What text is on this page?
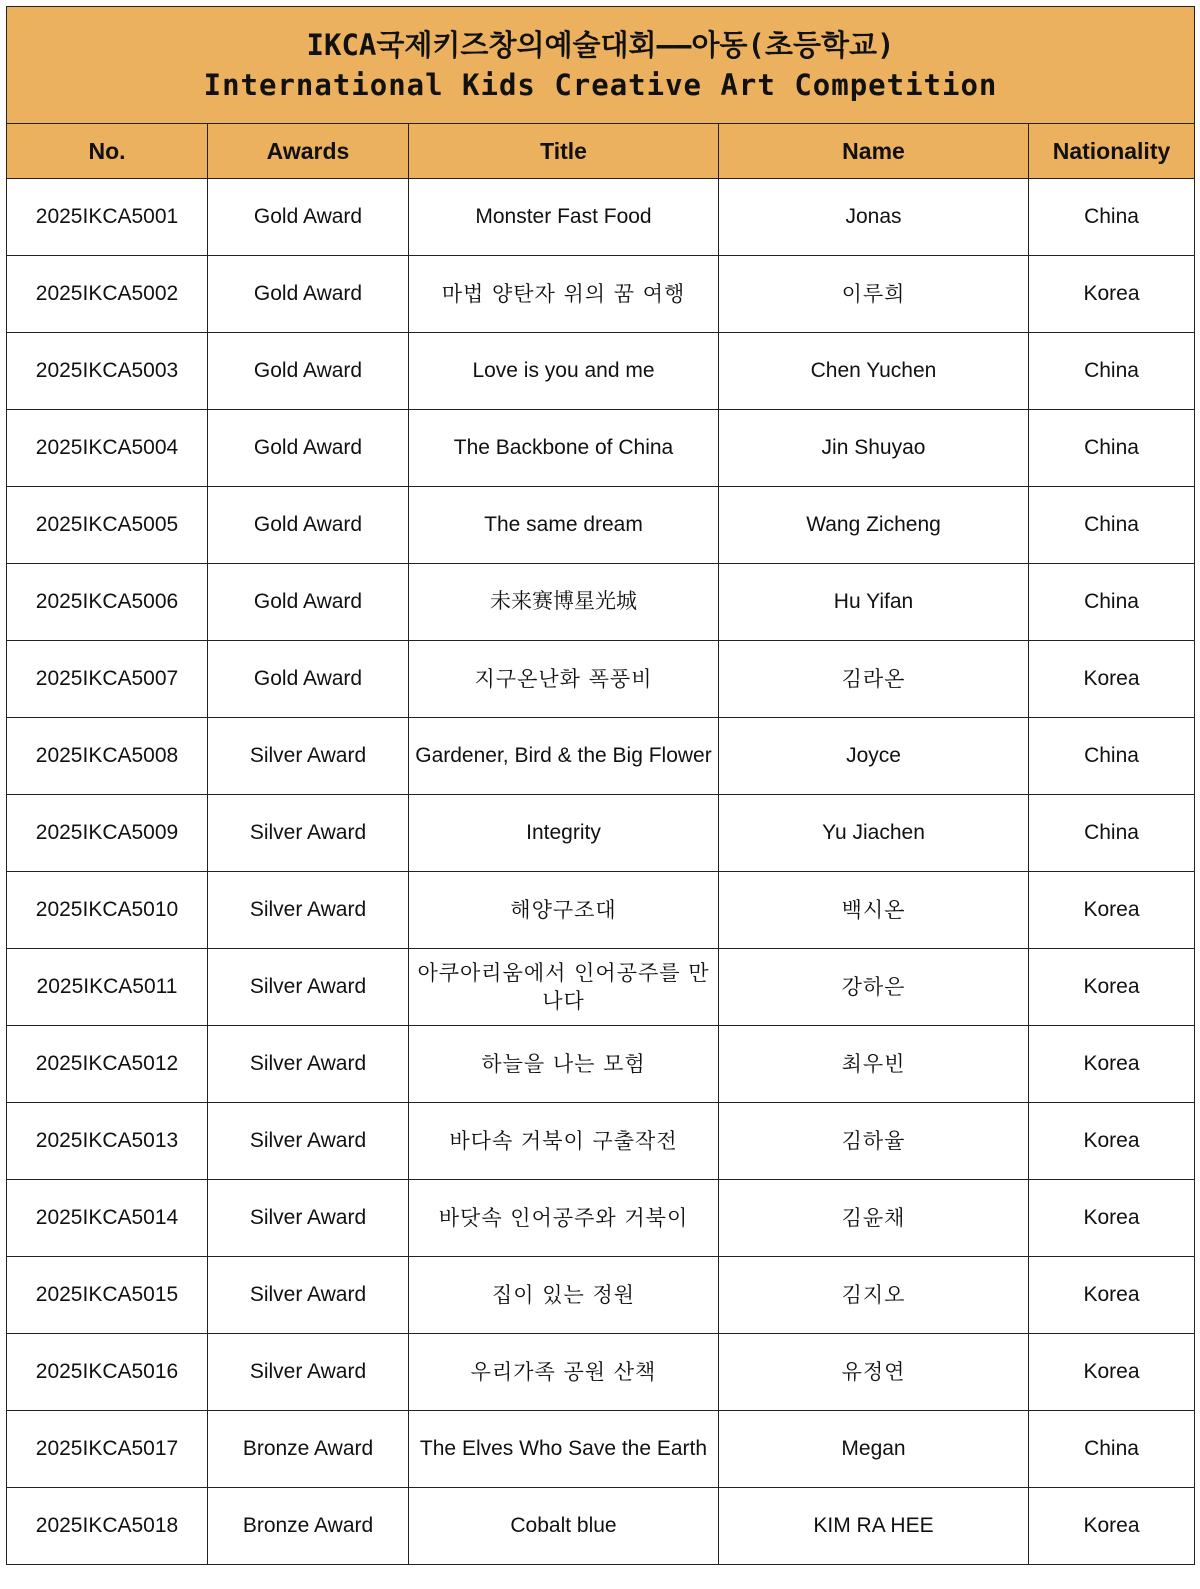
IKCA국제키즈창의예술대회——아동(초등학교)
International Kids Creative Art Competition				

No.	Awards	Title	Name	Nationality
2025IKCA5001	Gold Award	Monster Fast Food	Jonas	China
2025IKCA5002	Gold Award	마법 양탄자 위의 꿈 여행	이루희	Korea
2025IKCA5003	Gold Award	Love is you and me	Chen Yuchen	China
2025IKCA5004	Gold Award	The Backbone of China	Jin Shuyao	China
2025IKCA5005	Gold Award	The same dream	Wang Zicheng	China
2025IKCA5006	Gold Award	未来赛博星光城	Hu Yifan	China
2025IKCA5007	Gold Award	지구온난화 폭풍비	김라온	Korea
2025IKCA5008	Silver Award	Gardener, Bird & the Big Flower	Joyce	China
2025IKCA5009	Silver Award	Integrity	Yu Jiachen	China
2025IKCA5010	Silver Award	해양구조대	백시온	Korea
2025IKCA5011	Silver Award	아쿠아리움에서 인어공주를 만나다	강하은	Korea
2025IKCA5012	Silver Award	하늘을 나는 모험	최우빈	Korea
2025IKCA5013	Silver Award	바다속 거북이 구출작전	김하율	Korea
2025IKCA5014	Silver Award	바닷속 인어공주와 거북이	김윤채	Korea
2025IKCA5015	Silver Award	집이 있는 정원	김지오	Korea
2025IKCA5016	Silver Award	우리가족 공원 산책	유정연	Korea
2025IKCA5017	Bronze Award	The Elves Who Save the Earth	Megan	China
2025IKCA5018	Bronze Award	Cobalt blue	KIM RA HEE	Korea
